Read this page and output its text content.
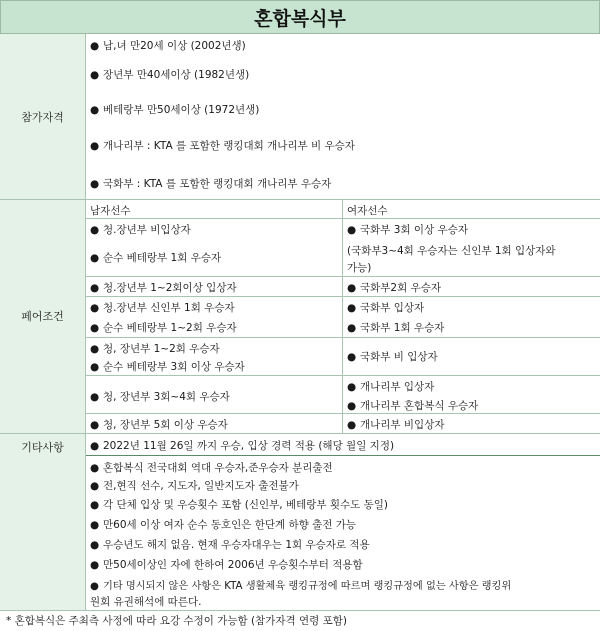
혼합복식부
참가자격
페어조건
기타사항
● 남,녀 만20세 이상 (2002년생)
● 장년부 만40세이상 (1982년생)
● 베테랑부 만50세이상 (1972년생)
● 개나리부 : KTA 를 포함한 랭킹대회 개나리부 비 우승자
● 국화부 : KTA 를 포함한 랭킹대회 개나리부 우승자
남자선수	여자선수
● 청.장년부 비입상자
● 순수 베테랑부 1회 우승자
● 청.장년부 1~2회이상 입상자
● 청.장년부 신인부 1회 우승자
● 순수 베테랑부 1~2회 우승자
● 청, 장년부 1~2회 우승자
● 순수 베테랑부 3회 이상 우승자
● 청, 장년부 3회~4회 우승자
● 청, 장년부 5회 이상 우승자
● 국화부 3회 이상 우승자
(국화부3~4회 우승자는 신인부 1회 입상자와
가능)
● 국화부2회 우승자
● 국화부 입상자
● 국화부 1회 우승자
● 국화부 비 입상자
● 개나리부 입상자
● 개나리부 혼합복식 우승자
● 개나리부 비입상자
● 2022년 11월 26일 까지 우승, 입상 경력 적용 (해당 월일 지정)
● 혼합복식 전국대회 역대 우승자,준우승자 분리출전
● 전,현직 선수, 지도자, 일반지도자 출전불가
● 각 단체 입상 및 우승횟수 포함 (신인부, 베테랑부 횟수도 동일)
● 만60세 이상 여자 순수 동호인은 한단계 하향 출전 가능
● 우승년도 해지 없음. 현재 우승자대우는 1회 우승자로 적용
● 만50세이상인 자에 한하여 2006년 우승횟수부터 적용함
● 기타 명시되지 않은 사항은 KTA 생활체육 랭킹규정에 따르며 랭킹규정에 없는 사항은 랭킹위
원회 유권해석에 따른다.
* 혼합복식은 주최측 사정에 따라 요강 수정이 가능함 (참가자격 연령 포함)
